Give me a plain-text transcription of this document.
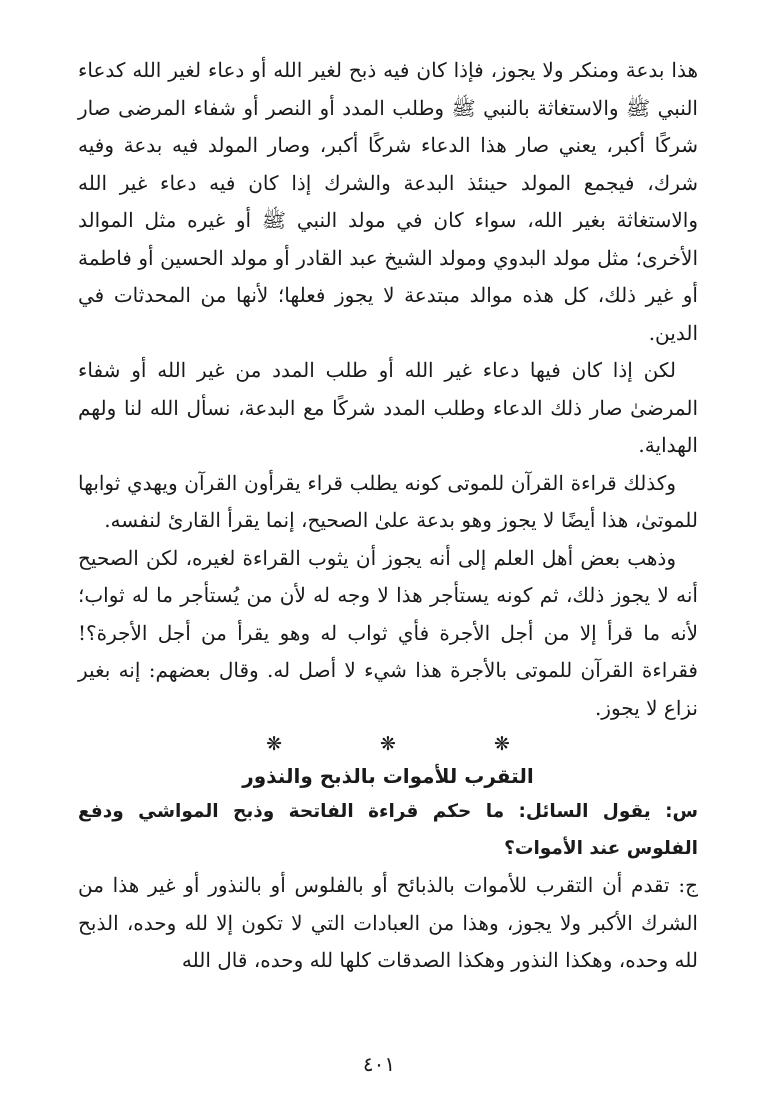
هذا بدعة ومنكر ولا يجوز، فإذا كان فيه ذبح لغير الله أو دعاء لغير الله كدعاء النبي ﷺ والاستغاثة بالنبي ﷺ وطلب المدد أو النصر أو شفاء المرضى صار شركًا أكبر، يعني صار هذا الدعاء شركًا أكبر، وصار المولد فيه بدعة وفيه شرك، فيجمع المولد حينئذ البدعة والشرك إذا كان فيه دعاء غير الله والاستغاثة بغير الله، سواء كان في مولد النبي ﷺ أو غيره مثل الموالد الأخرى؛ مثل مولد البدوي ومولد الشيخ عبد القادر أو مولد الحسين أو فاطمة أو غير ذلك، كل هذه موالد مبتدعة لا يجوز فعلها؛ لأنها من المحدثات في الدين.

لكن إذا كان فيها دعاء غير الله أو طلب المدد من غير الله أو شفاء المرضىٰ صار ذلك الدعاء وطلب المدد شركًا مع البدعة، نسأل الله لنا ولهم الهداية.

وكذلك قراءة القرآن للموتى كونه يطلب قراء يقرأون القرآن ويهدي ثوابها للموتىٰ، هذا أيضًا لا يجوز وهو بدعة علىٰ الصحيح، إنما يقرأ القارئ لنفسه.

وذهب بعض أهل العلم إلى أنه يجوز أن يثوب القراءة لغيره، لكن الصحيح أنه لا يجوز ذلك، ثم كونه يستأجر هذا لا وجه له لأن من يُستأجر ما له ثواب؛ لأنه ما قرأ إلا من أجل الأجرة فأي ثواب له وهو يقرأ من أجل الأجرة؟! فقراءة القرآن للموتى بالأجرة هذا شيء لا أصل له. وقال بعضهم: إنه بغير نزاع لا يجوز.

❋ ❋ ❋
التقرب للأموات بالذبح والنذور

س: يقول السائل: ما حكم قراءة الفاتحة وذبح المواشي ودفع الفلوس عند الأموات؟

ج: تقدم أن التقرب للأموات بالذبائح أو بالفلوس أو بالنذور أو غير هذا من الشرك الأكبر ولا يجوز، وهذا من العبادات التي لا تكون إلا لله وحده، الذبح لله وحده، وهكذا النذور وهكذا الصدقات كلها لله وحده، قال الله

٤٠١
